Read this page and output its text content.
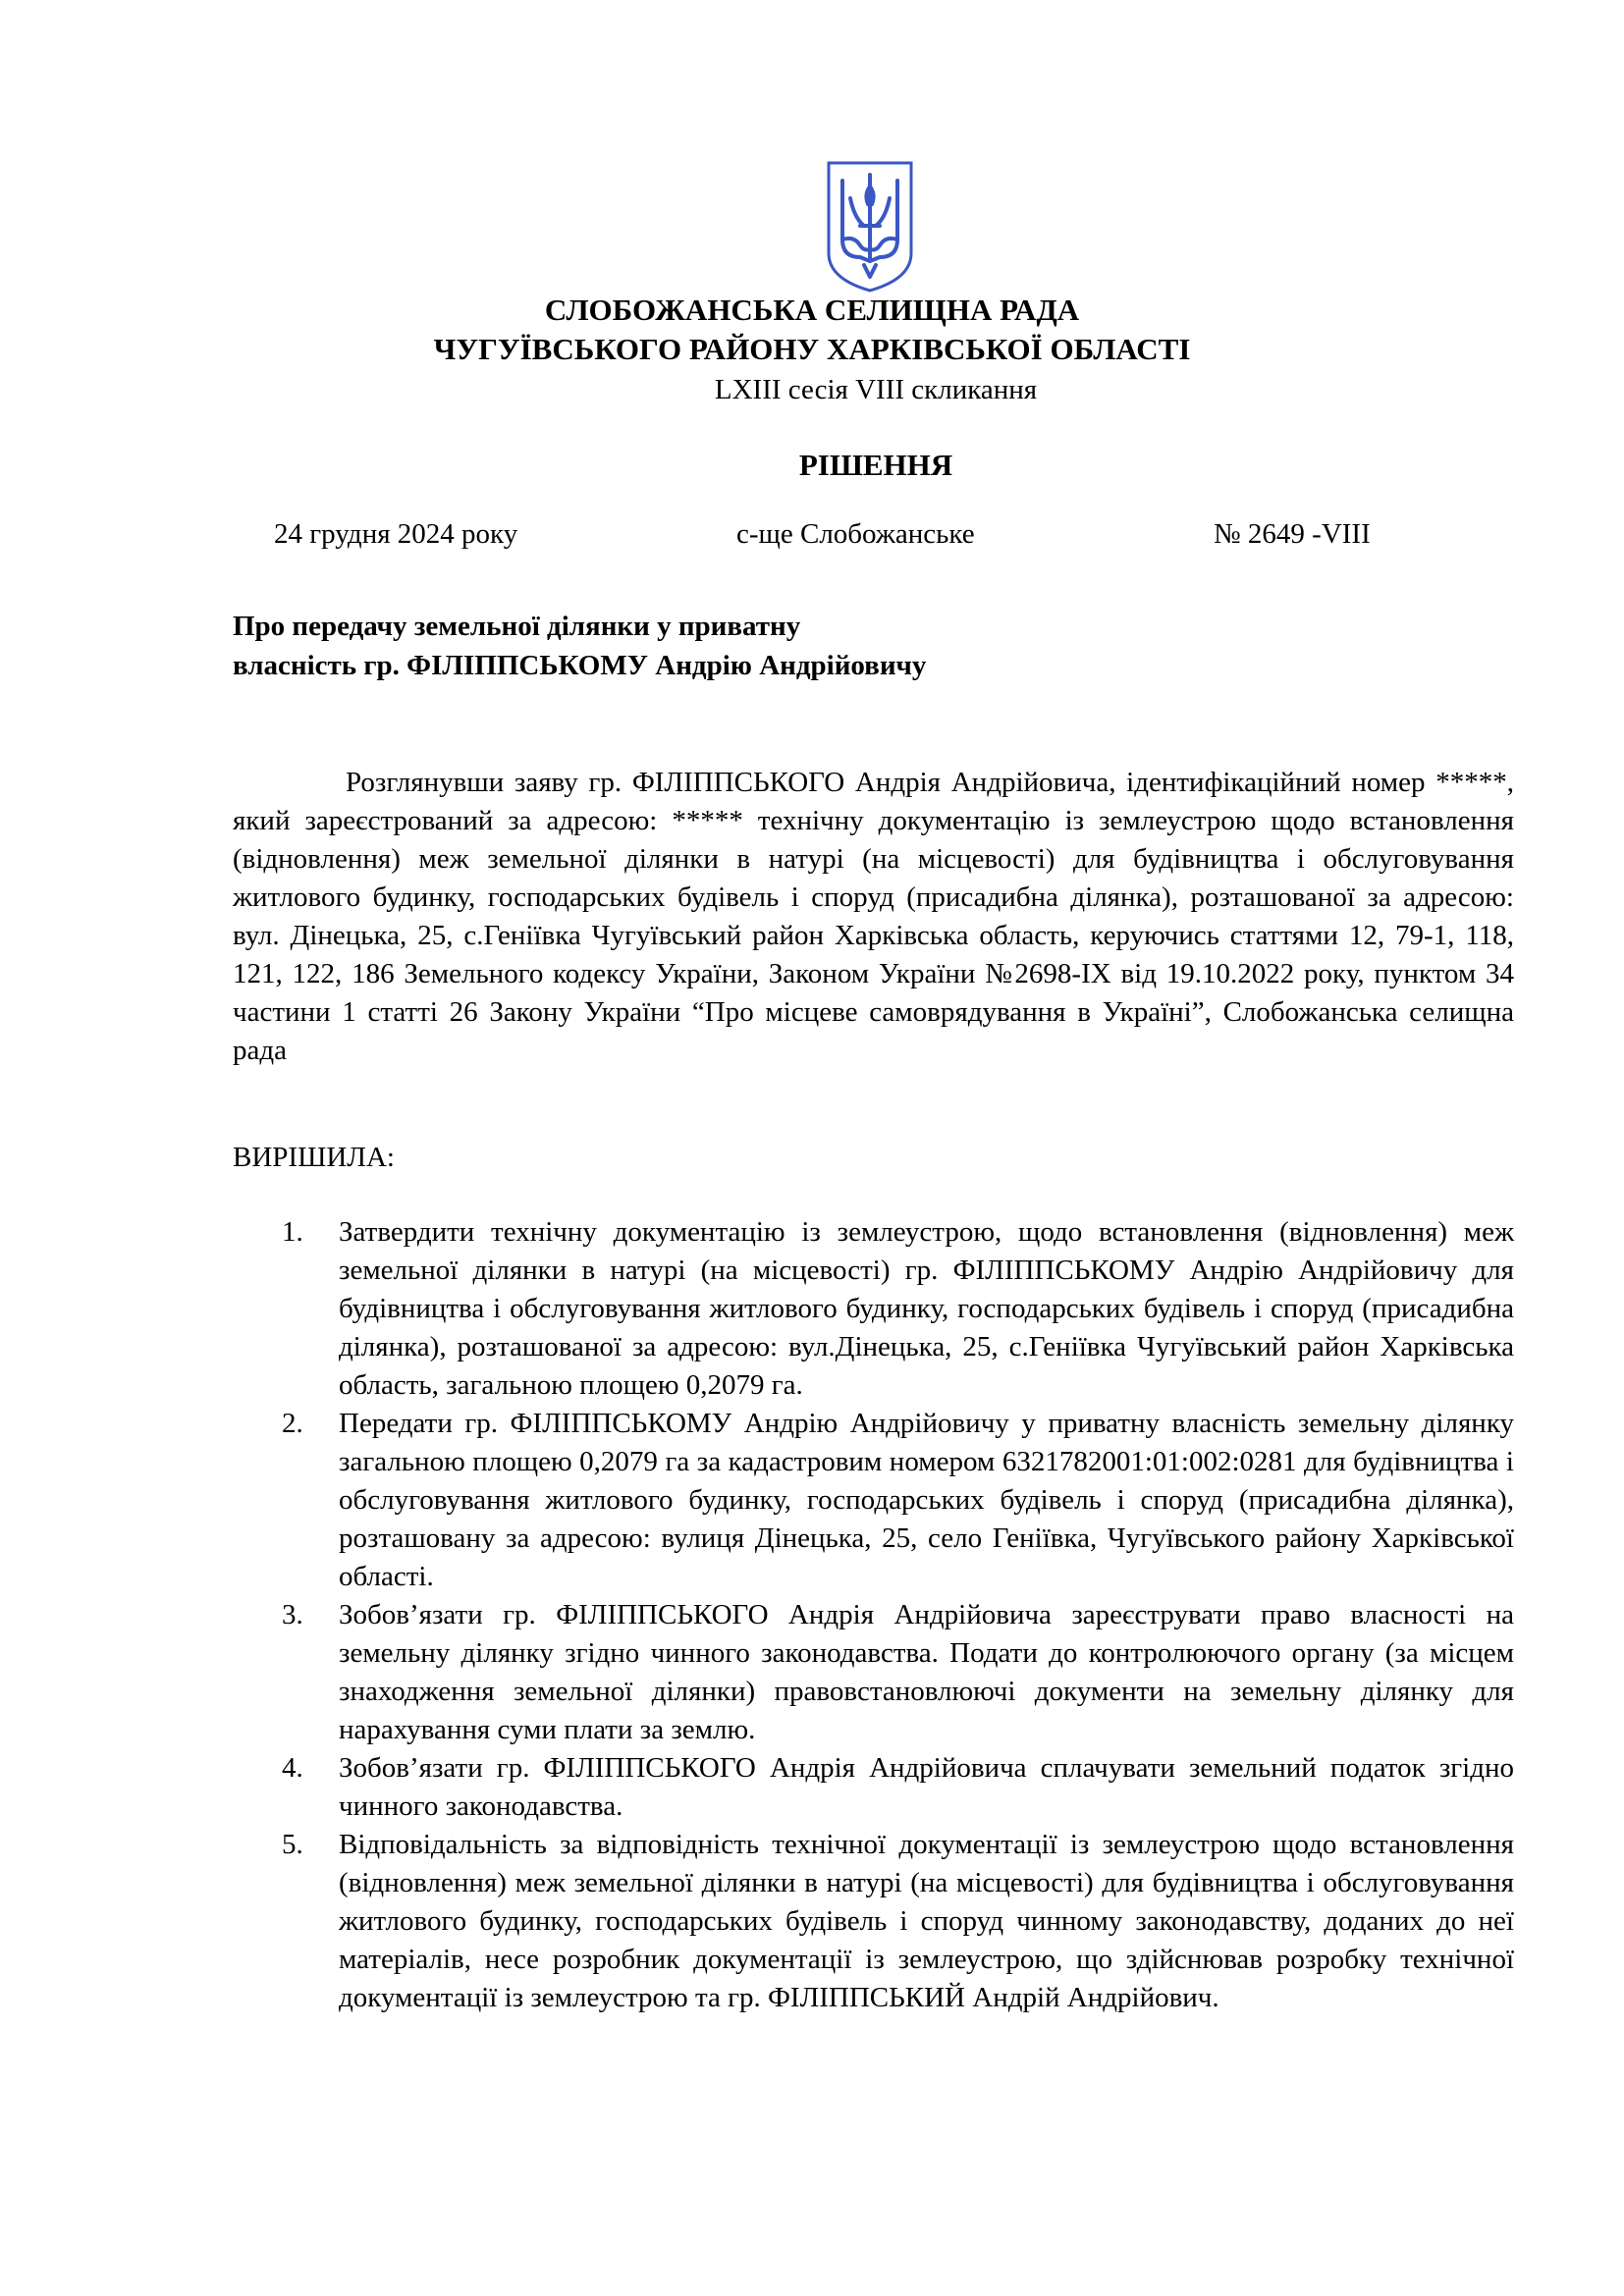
СЛОБОЖАНСЬКА СЕЛИЩНА РАДА
ЧУГУЇВСЬКОГО РАЙОНУ ХАРКІВСЬКОЇ ОБЛАСТІ
LXIII сесія VIII скликання
РІШЕННЯ
24 грудня 2024 року	с-ще Слобожанське	№ 2649 -VIII
Про передачу земельної ділянки у приватну
власність гр. ФІЛІППСЬКОМУ Андрію Андрійовичу
Розглянувши заяву гр. ФІЛІППСЬКОГО Андрія Андрійовича, ідентифікаційний номер *****, який зареєстрований за адресою: ***** технічну документацію із землеустрою щодо встановлення (відновлення) меж земельної ділянки в натурі (на місцевості) для будівництва і обслуговування житлового будинку, господарських будівель і споруд (присадибна ділянка), розташованої за адресою: вул. Дінецька, 25, с.Геніївка Чугуївський район Харківська область, керуючись статтями 12, 79-1, 118, 121, 122, 186 Земельного кодексу України, Законом України №2698-ІХ від 19.10.2022 року, пунктом 34 частини 1 статті 26 Закону України “Про місцеве самоврядування в Україні”, Слобожанська селищна рада
ВИРІШИЛА:
1. Затвердити технічну документацію із землеустрою, щодо встановлення (відновлення) меж земельної ділянки в натурі (на місцевості) гр. ФІЛІППСЬКОМУ Андрію Андрійовичу для будівництва і обслуговування житлового будинку, господарських будівель і споруд (присадибна ділянка), розташованої за адресою: вул.Дінецька, 25, с.Геніївка Чугуївський район Харківська область, загальною площею 0,2079 га.
2. Передати гр. ФІЛІППСЬКОМУ Андрію Андрійовичу у приватну власність земельну ділянку загальною площею 0,2079 га за кадастровим номером 6321782001:01:002:0281 для будівництва і обслуговування житлового будинку, господарських будівель і споруд (присадибна ділянка), розташовану за адресою: вулиця Дінецька, 25, село Геніївка, Чугуївського району Харківської області.
3. Зобов’язати гр. ФІЛІППСЬКОГО Андрія Андрійовича зареєструвати право власності на земельну ділянку згідно чинного законодавства. Подати до контролюючого органу (за місцем знаходження земельної ділянки) правовстановлюючі документи на земельну ділянку для нарахування суми плати за землю.
4. Зобов’язати гр. ФІЛІППСЬКОГО Андрія Андрійовича сплачувати земельний податок згідно чинного законодавства.
5. Відповідальність за відповідність технічної документації із землеустрою щодо встановлення (відновлення) меж земельної ділянки в натурі (на місцевості) для будівництва і обслуговування житлового будинку, господарських будівель і споруд чинному законодавству, доданих до неї матеріалів, несе розробник документації із землеустрою, що здійснював розробку технічної документації із землеустрою та гр. ФІЛІППСЬКИЙ Андрій Андрійович.
